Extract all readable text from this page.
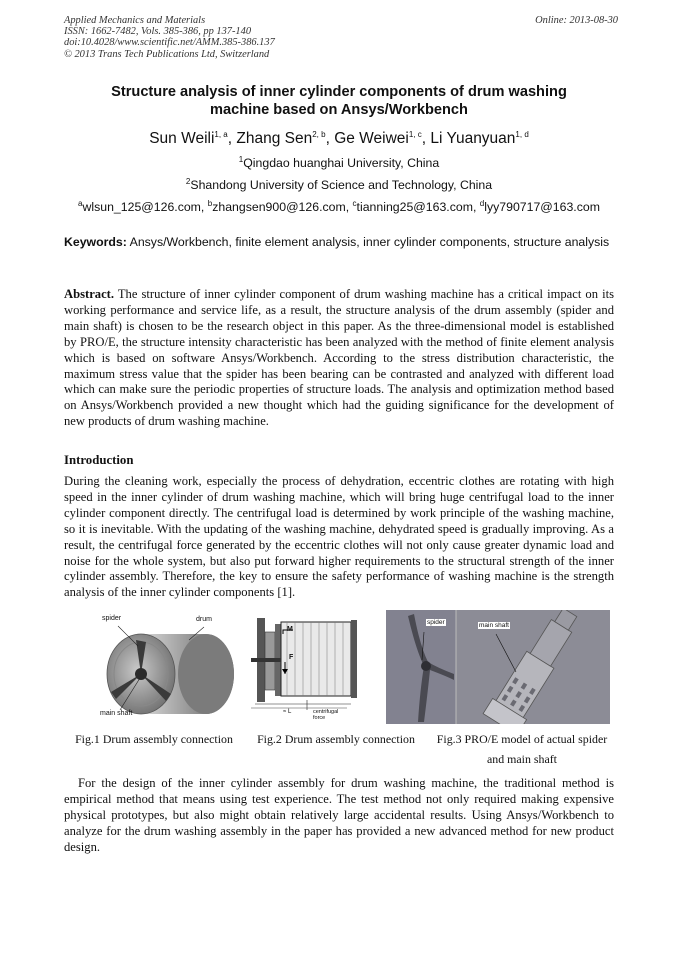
Applied Mechanics and Materials
ISSN: 1662-7482, Vols. 385-386, pp 137-140
doi:10.4028/www.scientific.net/AMM.385-386.137
© 2013 Trans Tech Publications Ltd, Switzerland
Online: 2013-08-30
Structure analysis of inner cylinder components of drum washing
machine based on Ansys/Workbench
Sun Weili$^{1, a}$, Zhang Sen$^{2, b}$, Ge Weiwei$^{1, c}$, Li Yuanyuan$^{1, d}$
$^1$Qingdao huanghai University, China
$^2$Shandong University of Science and Technology, China
$^a$wlsun_125@126.com, $^b$zhangsen900@126.com, $^c$tianning25@163.com, $^d$lyy790717@163.com
Keywords: Ansys/Workbench, finite element analysis, inner cylinder components, structure analysis
Abstract. The structure of inner cylinder component of drum washing machine has a critical impact on its working performance and service life, as a result, the structure analysis of the drum assembly (spider and main shaft) is chosen to be the research object in this paper. As the three-dimensional model is established by PRO/E, the structure intensity characteristic has been analyzed with the method of finite element analysis which is based on software Ansys/Workbench. According to the stress distribution characteristic, the maximum stress value that the spider has been bearing can be contrasted and analyzed with different load which can make sure the periodic properties of structure loads. The analysis and optimization method based on Ansys/Workbench provided a new thought which had the guiding significance for the development of new products of drum washing machine.
Introduction
During the cleaning work, especially the process of dehydration, eccentric clothes are rotating with high speed in the inner cylinder of drum washing machine, which will bring huge centrifugal load to the inner cylinder component directly. The centrifugal load is determined by work principle of the washing machine, so it is inevitable. With the updating of the washing machine, dehydrated speed is gradually improving. As a result, the centrifugal force generated by the eccentric clothes will not only cause greater dynamic load and noise for the whole system, but also put forward higher requirements to the structural strength of the inner cylinder assembly. Therefore, the key to ensure the safety performance of washing machine is the strength analysis of the inner cylinder components [1].
spider	drum
main shaft
M
F
≈ L	centrifugal force
spider	main shaft
Fig.1 Drum assembly connection	Fig.2 Drum assembly connection	Fig.3 PRO/E model of actual spider
and main shaft
For the design of the inner cylinder assembly for drum washing machine, the traditional method is empirical method that means using test experience. The test method not only required making expensive physical prototypes, but also might obtain relatively large accidental results. Using Ansys/Workbench to analyze for the drum washing assembly in the paper has provided a new advanced method for new product design.
